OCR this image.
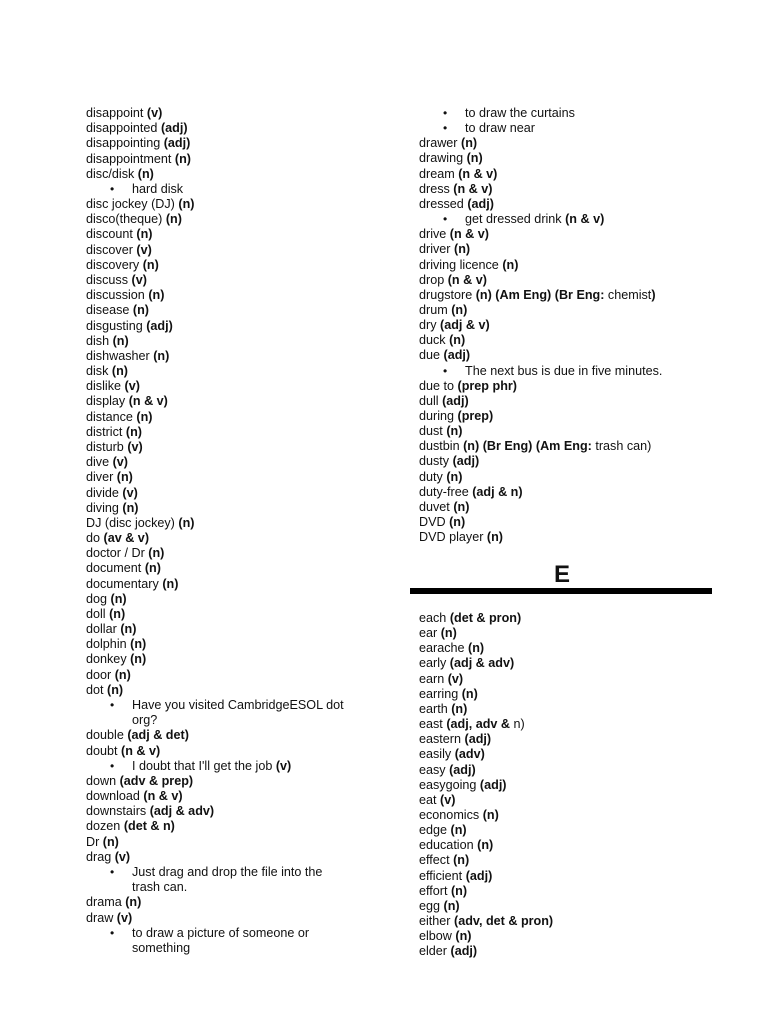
disappoint (v)
disappointed (adj)
disappointing (adj)
disappointment (n)
disc/disk (n)
• hard disk
disc jockey (DJ) (n)
disco(theque) (n)
discount (n)
discover (v)
discovery (n)
discuss (v)
discussion (n)
disease (n)
disgusting (adj)
dish (n)
dishwasher (n)
disk (n)
dislike (v)
display (n & v)
distance (n)
district (n)
disturb (v)
dive (v)
diver (n)
divide (v)
diving (n)
DJ (disc jockey) (n)
do (av & v)
doctor / Dr (n)
document (n)
documentary (n)
dog (n)
doll (n)
dollar (n)
dolphin (n)
donkey (n)
door (n)
dot (n)
• Have you visited CambridgeESOL dot
org?
double (adj & det)
doubt (n & v)
• I doubt that I'll get the job (v)
down (adv & prep)
download (n & v)
downstairs (adj & adv)
dozen (det & n)
Dr (n)
drag (v)
• Just drag and drop the file into the
trash can.
drama (n)
draw (v)
• to draw a picture of someone or
something
• to draw the curtains
• to draw near
drawer (n)
drawing (n)
dream (n & v)
dress (n & v)
dressed (adj)
• get dressed drink (n & v)
drive (n & v)
driver (n)
driving licence (n)
drop (n & v)
drugstore (n) (Am Eng) (Br Eng: chemist)
drum (n)
dry (adj & v)
duck (n)
due (adj)
• The next bus is due in five minutes.
due to (prep phr)
dull (adj)
during (prep)
dust (n)
dustbin (n) (Br Eng) (Am Eng: trash can)
dusty (adj)
duty (n)
duty-free (adj & n)
duvet (n)
DVD (n)
DVD player (n)
each (det & pron)
ear (n)
earache (n)
early (adj & adv)
earn (v)
earring (n)
earth (n)
east (adj, adv & n)
eastern (adj)
easily (adv)
easy (adj)
easygoing (adj)
eat (v)
economics (n)
edge (n)
education (n)
effect (n)
efficient (adj)
effort (n)
egg (n)
either (adv, det & pron)
elbow (n)
elder (adj)
E
